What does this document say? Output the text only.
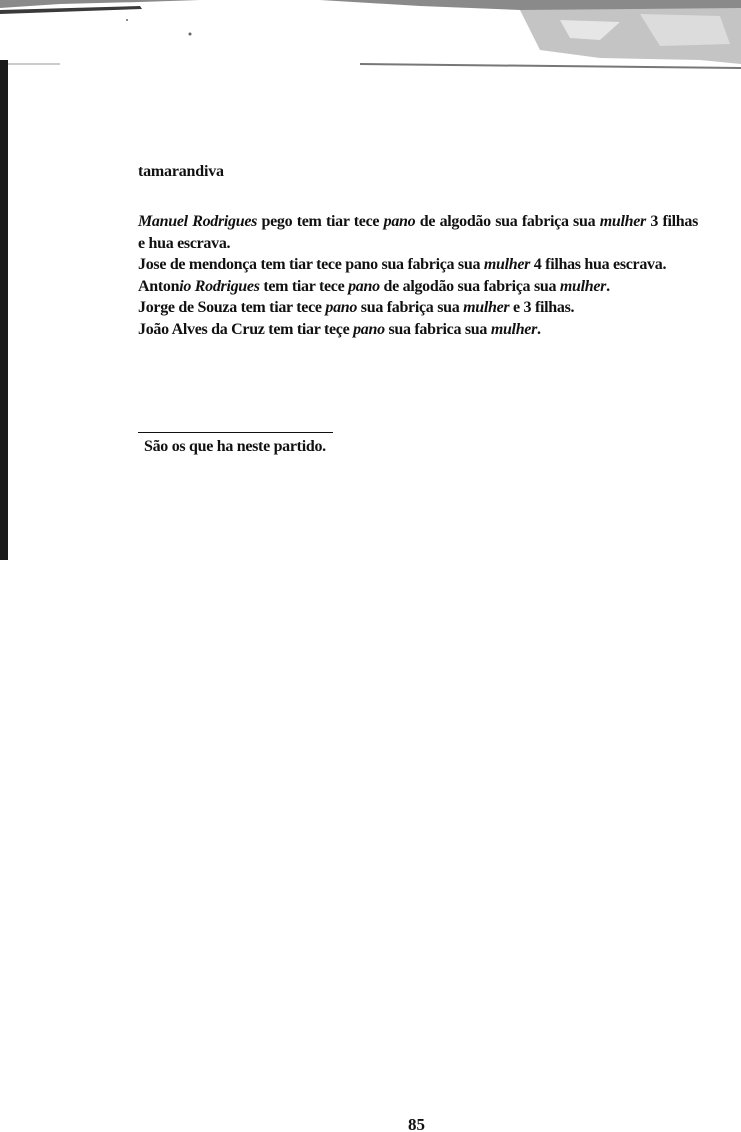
tamarandiva

Manuel Rodrigues pego tem tiar tece pano de algodão sua fabriça sua mulher 3 filhas e hua escrava.

Jose de mendonça tem tiar tece pano sua fabriça sua mulher 4 filhas hua escrava.

Antonio Rodrigues tem tiar tece pano de algodão sua fabriça sua mulher.

Jorge de Souza tem tiar tece pano sua fabriça sua mulher e 3 filhas.

João Alves da Cruz tem tiar teçe pano sua fabrica sua mulher.

São os que ha neste partido.
85
